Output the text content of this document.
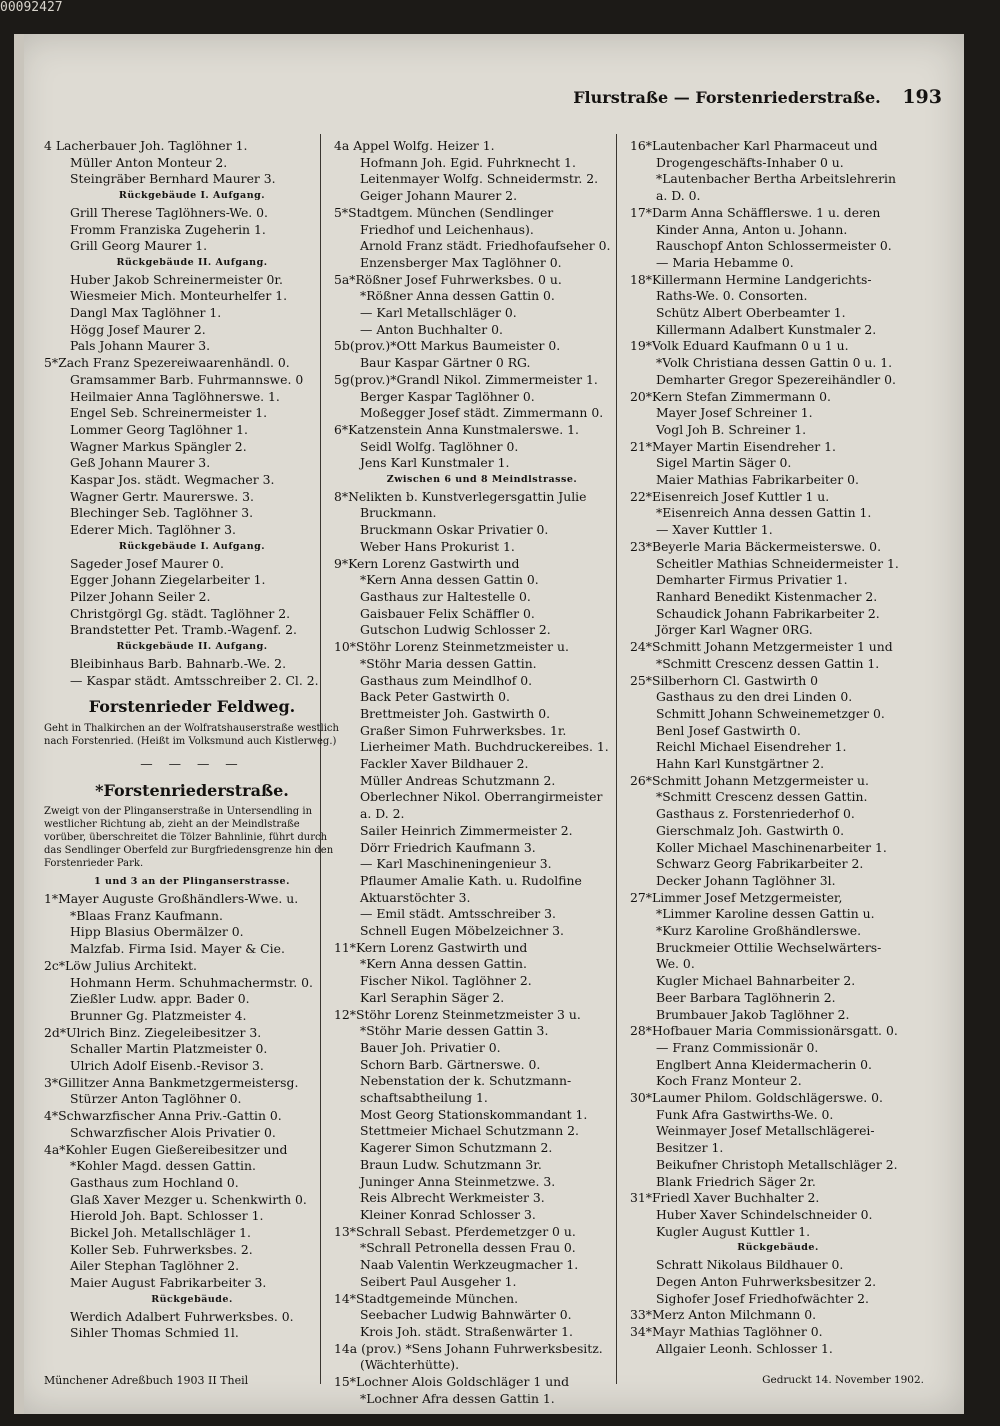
00092427
Flurstraße — Forstenriederstraße. 193
4 Lacherbauer Joh. Taglöhner 1.
Müller Anton Monteur 2.
Steingräber Bernhard Maurer 3.
Rückgebäude I. Aufgang.
Grill Therese Taglöhners-We. 0.
Fromm Franziska Zugeherin 1.
Grill Georg Maurer 1.
Rückgebäude II. Aufgang.
Huber Jakob Schreinermeister 0r.
Wiesmeier Mich. Monteurhelfer 1.
Dangl Max Taglöhner 1.
Högg Josef Maurer 2.
Pals Johann Maurer 3.
5*Zach Franz Spezereiwaarenhändl. 0.
Gramsammer Barb. Fuhrmannswe. 0
Heilmaier Anna Taglöhnerswe. 1.
Engel Seb. Schreinermeister 1.
Lommer Georg Taglöhner 1.
Wagner Markus Spängler 2.
Geß Johann Maurer 3.
Kaspar Jos. städt. Wegmacher 3.
Wagner Gertr. Maurerswe. 3.
Blechinger Seb. Taglöhner 3.
Ederer Mich. Taglöhner 3.
Rückgebäude I. Aufgang.
Sageder Josef Maurer 0.
Egger Johann Ziegelarbeiter 1.
Pilzer Johann Seiler 2.
Christgörgl Gg. städt. Taglöhner 2.
Brandstetter Pet. Tramb.-Wagenf. 2.
Rückgebäude II. Aufgang.
Bleibinhaus Barb. Bahnarb.-We. 2.
— Kaspar städt. Amtsschreiber 2. Cl. 2.
Forstenrieder Feldweg.
Geht in Thalkirchen an der Wolfratshauserstraße westlich nach Forstenried. (Heißt im Volksmund auch Kistlerweg.)
— — — —
*Forstenriederstraße.
Zweigt von der Plinganserstraße in Untersendling in westlicher Richtung ab, zieht an der Meindlstraße vorüber, überschreitet die Tölzer Bahnlinie, führt durch das Sendlinger Oberfeld zur Burgfriedensgrenze hin den Forstenrieder Park.
1 und 3 an der Plinganserstrasse.
1*Mayer Auguste Großhändlers-Wwe. u.
*Blaas Franz Kaufmann.
Hipp Blasius Obermälzer 0.
Malzfab. Firma Isid. Mayer & Cie.
2c*Löw Julius Architekt.
Hohmann Herm. Schuhmachermstr. 0.
Zießler Ludw. appr. Bader 0.
Brunner Gg. Platzmeister 4.
2d*Ulrich Binz. Ziegeleibesitzer 3.
Schaller Martin Platzmeister 0.
Ulrich Adolf Eisenb.-Revisor 3.
3*Gillitzer Anna Bankmetzgermeistersg.
Stürzer Anton Taglöhner 0.
4*Schwarzfischer Anna Priv.-Gattin 0.
Schwarzfischer Alois Privatier 0.
4a*Kohler Eugen Gießereibesitzer und
*Kohler Magd. dessen Gattin.
Gasthaus zum Hochland 0.
Glaß Xaver Mezger u. Schenkwirth 0.
Hierold Joh. Bapt. Schlosser 1.
Bickel Joh. Metallschläger 1.
Koller Seb. Fuhrwerksbes. 2.
Ailer Stephan Taglöhner 2.
Maier August Fabrikarbeiter 3.
Rückgebäude.
Werdich Adalbert Fuhrwerksbes. 0.
Sihler Thomas Schmied 1l.
4a Appel Wolfg. Heizer 1.
Hofmann Joh. Egid. Fuhrknecht 1.
Leitenmayer Wolfg. Schneidermstr. 2.
Geiger Johann Maurer 2.
5*Stadtgem. München (Sendlinger
Friedhof und Leichenhaus).
Arnold Franz städt. Friedhofaufseher 0.
Enzensberger Max Taglöhner 0.
5a*Rößner Josef Fuhrwerksbes. 0 u.
*Rößner Anna dessen Gattin 0.
— Karl Metallschläger 0.
— Anton Buchhalter 0.
5b(prov.)*Ott Markus Baumeister 0.
Baur Kaspar Gärtner 0 RG.
5g(prov.)*Grandl Nikol. Zimmermeister 1.
Berger Kaspar Taglöhner 0.
Moßegger Josef städt. Zimmermann 0.
6*Katzenstein Anna Kunstmalerswe. 1.
Seidl Wolfg. Taglöhner 0.
Jens Karl Kunstmaler 1.
Zwischen 6 und 8 Meindlstrasse.
8*Nelikten b. Kunstverlegersgattin Julie
Bruckmann.
Bruckmann Oskar Privatier 0.
Weber Hans Prokurist 1.
9*Kern Lorenz Gastwirth und
*Kern Anna dessen Gattin 0.
Gasthaus zur Haltestelle 0.
Gaisbauer Felix Schäffler 0.
Gutschon Ludwig Schlosser 2.
10*Stöhr Lorenz Steinmetzmeister u.
*Stöhr Maria dessen Gattin.
Gasthaus zum Meindlhof 0.
Back Peter Gastwirth 0.
Brettmeister Joh. Gastwirth 0.
Graßer Simon Fuhrwerksbes. 1r.
Lierheimer Math. Buchdruckereibes. 1.
Fackler Xaver Bildhauer 2.
Müller Andreas Schutzmann 2.
Oberlechner Nikol. Oberrangirmeister
a. D. 2.
Sailer Heinrich Zimmermeister 2.
Dörr Friedrich Kaufmann 3.
— Karl Maschineningenieur 3.
Pflaumer Amalie Kath. u. Rudolfine
Aktuarstöchter 3.
— Emil städt. Amtsschreiber 3.
Schnell Eugen Möbelzeichner 3.
11*Kern Lorenz Gastwirth und
*Kern Anna dessen Gattin.
Fischer Nikol. Taglöhner 2.
Karl Seraphin Säger 2.
12*Stöhr Lorenz Steinmetzmeister 3 u.
*Stöhr Marie dessen Gattin 3.
Bauer Joh. Privatier 0.
Schorn Barb. Gärtnerswe. 0.
Nebenstation der k. Schutzmann-
schaftsabtheilung 1.
Most Georg Stationskommandant 1.
Stettmeier Michael Schutzmann 2.
Kagerer Simon Schutzmann 2.
Braun Ludw. Schutzmann 3r.
Juninger Anna Steinmetzwe. 3.
Reis Albrecht Werkmeister 3.
Kleiner Konrad Schlosser 3.
13*Schrall Sebast. Pferdemetzger 0 u.
*Schrall Petronella dessen Frau 0.
Naab Valentin Werkzeugmacher 1.
Seibert Paul Ausgeher 1.
14*Stadtgemeinde München.
Seebacher Ludwig Bahnwärter 0.
Krois Joh. städt. Straßenwärter 1.
14a (prov.) *Sens Johann Fuhrwerksbesitz.
(Wächterhütte).
15*Lochner Alois Goldschläger 1 und
*Lochner Afra dessen Gattin 1.
16*Lautenbacher Karl Pharmaceut und
Drogengeschäfts-Inhaber 0 u.
*Lautenbacher Bertha Arbeitslehrerin
a. D. 0.
17*Darm Anna Schäfflerswe. 1 u. deren
Kinder Anna, Anton u. Johann.
Rauschopf Anton Schlossermeister 0.
— Maria Hebamme 0.
18*Killermann Hermine Landgerichts-
Raths-We. 0. Consorten.
Schütz Albert Oberbeamter 1.
Killermann Adalbert Kunstmaler 2.
19*Volk Eduard Kaufmann 0 u 1 u.
*Volk Christiana dessen Gattin 0 u. 1.
Demharter Gregor Spezereihändler 0.
20*Kern Stefan Zimmermann 0.
Mayer Josef Schreiner 1.
Vogl Joh B. Schreiner 1.
21*Mayer Martin Eisendreher 1.
Sigel Martin Säger 0.
Maier Mathias Fabrikarbeiter 0.
22*Eisenreich Josef Kuttler 1 u.
*Eisenreich Anna dessen Gattin 1.
— Xaver Kuttler 1.
23*Beyerle Maria Bäckermeisterswe. 0.
Scheitler Mathias Schneidermeister 1.
Demharter Firmus Privatier 1.
Ranhard Benedikt Kistenmacher 2.
Schaudick Johann Fabrikarbeiter 2.
Jörger Karl Wagner 0RG.
24*Schmitt Johann Metzgermeister 1 und
*Schmitt Crescenz dessen Gattin 1.
25*Silberhorn Cl. Gastwirth 0
Gasthaus zu den drei Linden 0.
Schmitt Johann Schweinemetzger 0.
Benl Josef Gastwirth 0.
Reichl Michael Eisendreher 1.
Hahn Karl Kunstgärtner 2.
26*Schmitt Johann Metzgermeister u.
*Schmitt Crescenz dessen Gattin.
Gasthaus z. Forstenriederhof 0.
Gierschmalz Joh. Gastwirth 0.
Koller Michael Maschinenarbeiter 1.
Schwarz Georg Fabrikarbeiter 2.
Decker Johann Taglöhner 3l.
27*Limmer Josef Metzgermeister,
*Limmer Karoline dessen Gattin u.
*Kurz Karoline Großhändlerswe.
Bruckmeier Ottilie Wechselwärters-
We. 0.
Kugler Michael Bahnarbeiter 2.
Beer Barbara Taglöhnerin 2.
Brumbauer Jakob Taglöhner 2.
28*Hofbauer Maria Commissionärsgatt. 0.
— Franz Commissionär 0.
Englbert Anna Kleidermacherin 0.
Koch Franz Monteur 2.
30*Laumer Philom. Goldschlägerswe. 0.
Funk Afra Gastwirths-We. 0.
Weinmayer Josef Metallschlägerei-
Besitzer 1.
Beikufner Christoph Metallschläger 2.
Blank Friedrich Säger 2r.
31*Friedl Xaver Buchhalter 2.
Huber Xaver Schindelschneider 0.
Kugler August Kuttler 1.
Rückgebäude.
Schratt Nikolaus Bildhauer 0.
Degen Anton Fuhrwerksbesitzer 2.
Sighofer Josef Friedhofwächter 2.
33*Merz Anton Milchmann 0.
34*Mayr Mathias Taglöhner 0.
Allgaier Leonh. Schlosser 1.
Münchener Adreßbuch 1903 II Theil	Gedruckt 14. November 1902.
